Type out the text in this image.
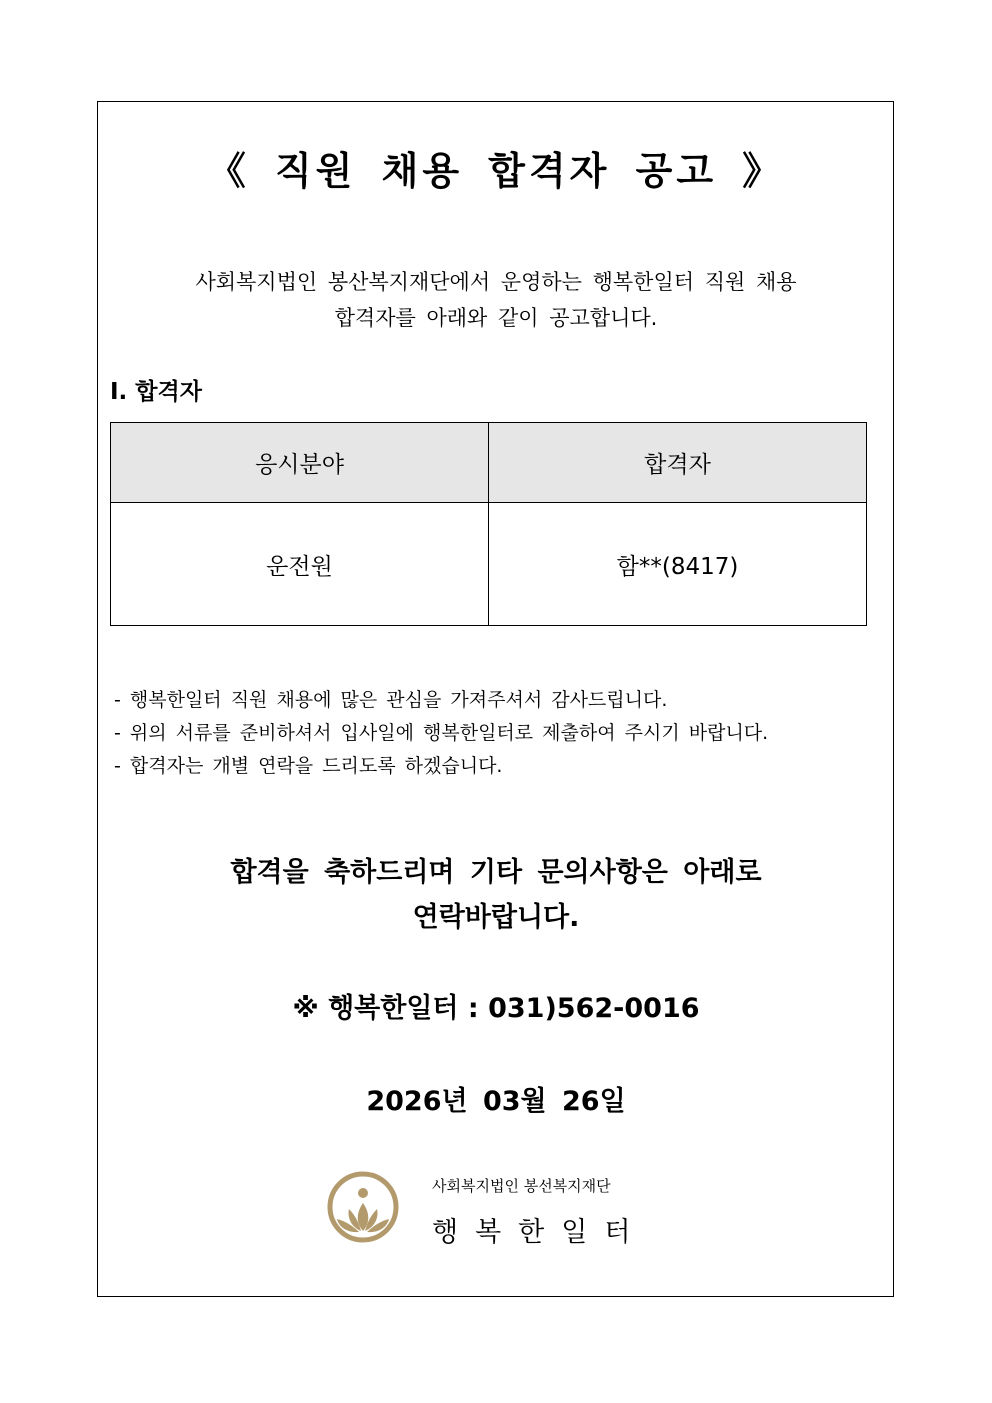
《 직원 채용 합격자 공고 》
사회복지법인 봉산복지재단에서 운영하는 행복한일터 직원 채용
합격자를 아래와 같이 공고합니다.
Ⅰ. 합격자
응시분야	합격자
운전원	함**(8417)
- 행복한일터 직원 채용에 많은 관심을 가져주셔서 감사드립니다.
- 위의 서류를 준비하셔서 입사일에 행복한일터로 제출하여 주시기 바랍니다.
- 합격자는 개별 연락을 드리도록 하겠습니다.
합격을 축하드리며 기타 문의사항은 아래로
연락바랍니다.
※ 행복한일터 : 031)562-0016
2026년 03월 26일
사회복지법인 봉선복지재단
행복한일터
